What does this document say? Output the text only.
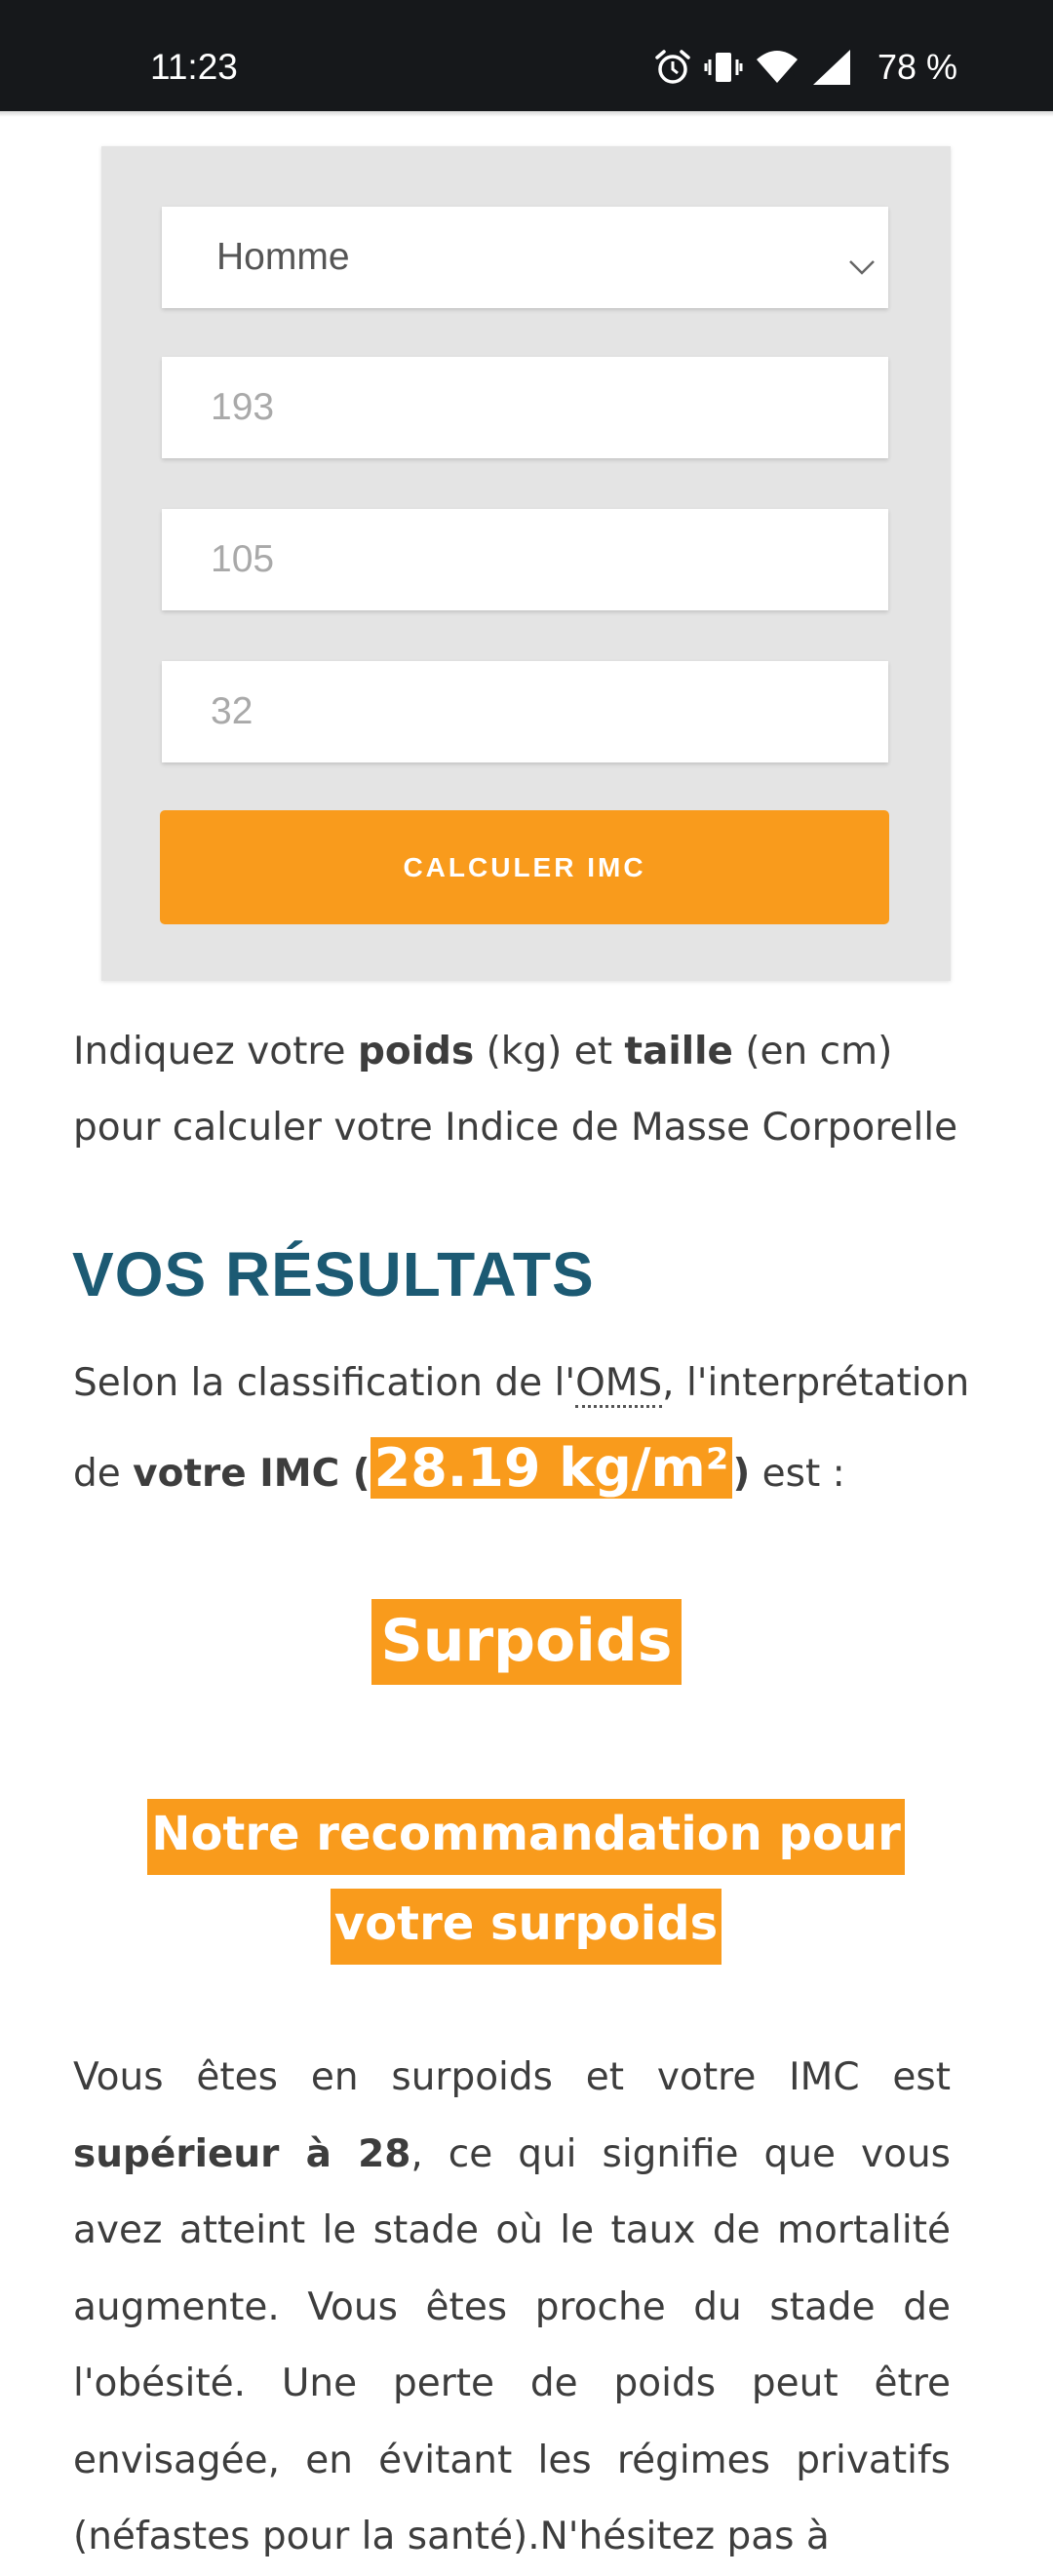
11:23	78 %
Homme
193
105
32
CALCULER IMC

Indiquez votre poids (kg) et taille (en cm) pour calculer votre Indice de Masse Corporelle

VOS RÉSULTATS
Selon la classification de l'OMS, l'interprétation
de votre IMC (28.19 kg/m² ) est :
Surpoids
Notre recommandation pour votre surpoids

Vous êtes en surpoids et votre IMC est supérieur à 28, ce qui signifie que vous avez atteint le stade où le taux de mortalité augmente. Vous êtes proche du stade de l'obésité. Une perte de poids peut être envisagée, en évitant les régimes privatifs (néfastes pour la santé).N'hésitez pas à
